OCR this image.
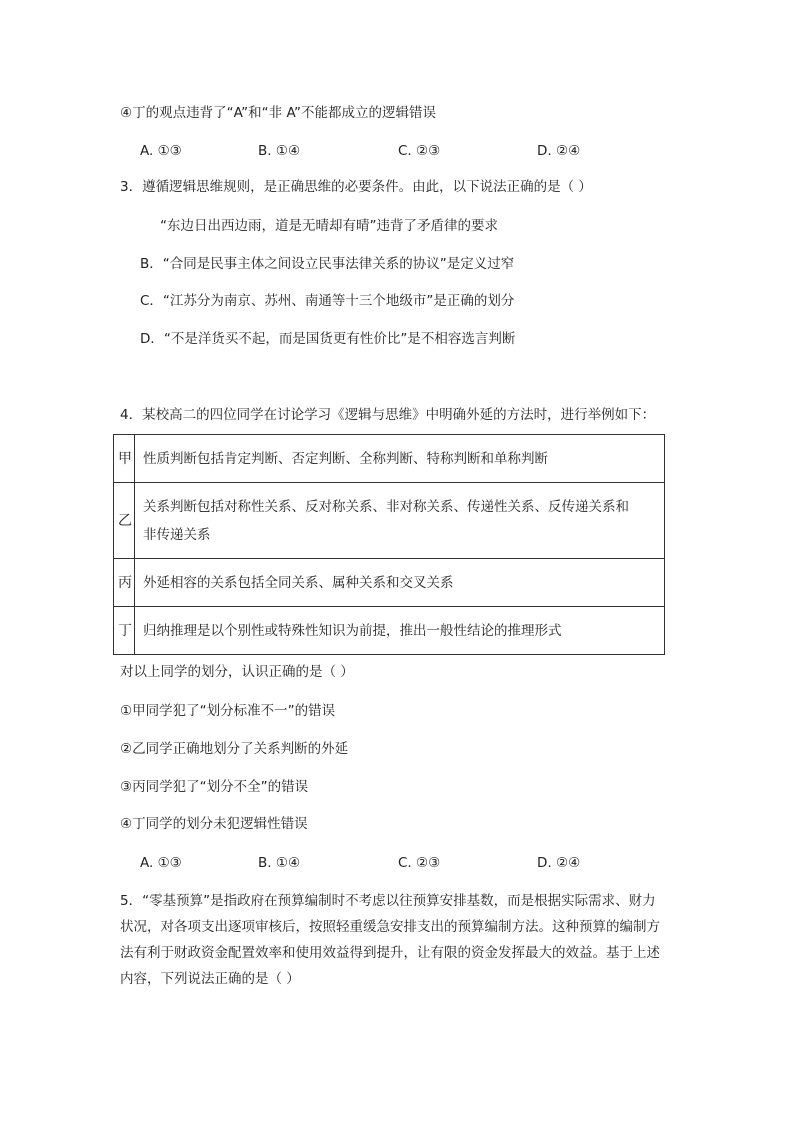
④丁的观点违背了“A”和“非 A”不能都成立的逻辑错误
A. ①③	B. ①④	C. ②③	D. ②④
3．遵循逻辑思维规则，是正确思维的必要条件。由此，以下说法正确的是（ ）
“东边日出西边雨，道是无晴却有晴”违背了矛盾律的要求
B．“合同是民事主体之间设立民事法律关系的协议”是定义过窄
C．“江苏分为南京、苏州、南通等十三个地级市”是正确的划分
D．“不是洋货买不起，而是国货更有性价比”是不相容选言判断
4．某校高二的四位同学在讨论学习《逻辑与思维》中明确外延的方法时，进行举例如下：
甲	性质判断包括肯定判断、否定判断、全称判断、特称判断和单称判断
乙	关系判断包括对称性关系、反对称关系、非对称关系、传递性关系、反传递关系和
非传递关系

丙	外延相容的关系包括全同关系、属种关系和交叉关系
丁	归纳推理是以个别性或特殊性知识为前提，推出一般性结论的推理形式
对以上同学的划分，认识正确的是（ ）
①甲同学犯了“划分标准不一”的错误
②乙同学正确地划分了关系判断的外延
③丙同学犯了“划分不全”的错误
④丁同学的划分未犯逻辑性错误
A. ①③	B. ①④	C. ②③	D. ②④
5．“零基预算”是指政府在预算编制时不考虑以往预算安排基数，而是根据实际需求、财力
状况，对各项支出逐项审核后，按照轻重缓急安排支出的预算编制方法。这种预算的编制方
法有利于财政资金配置效率和使用效益得到提升，让有限的资金发挥最大的效益。基于上述
内容，下列说法正确的是（ ）
